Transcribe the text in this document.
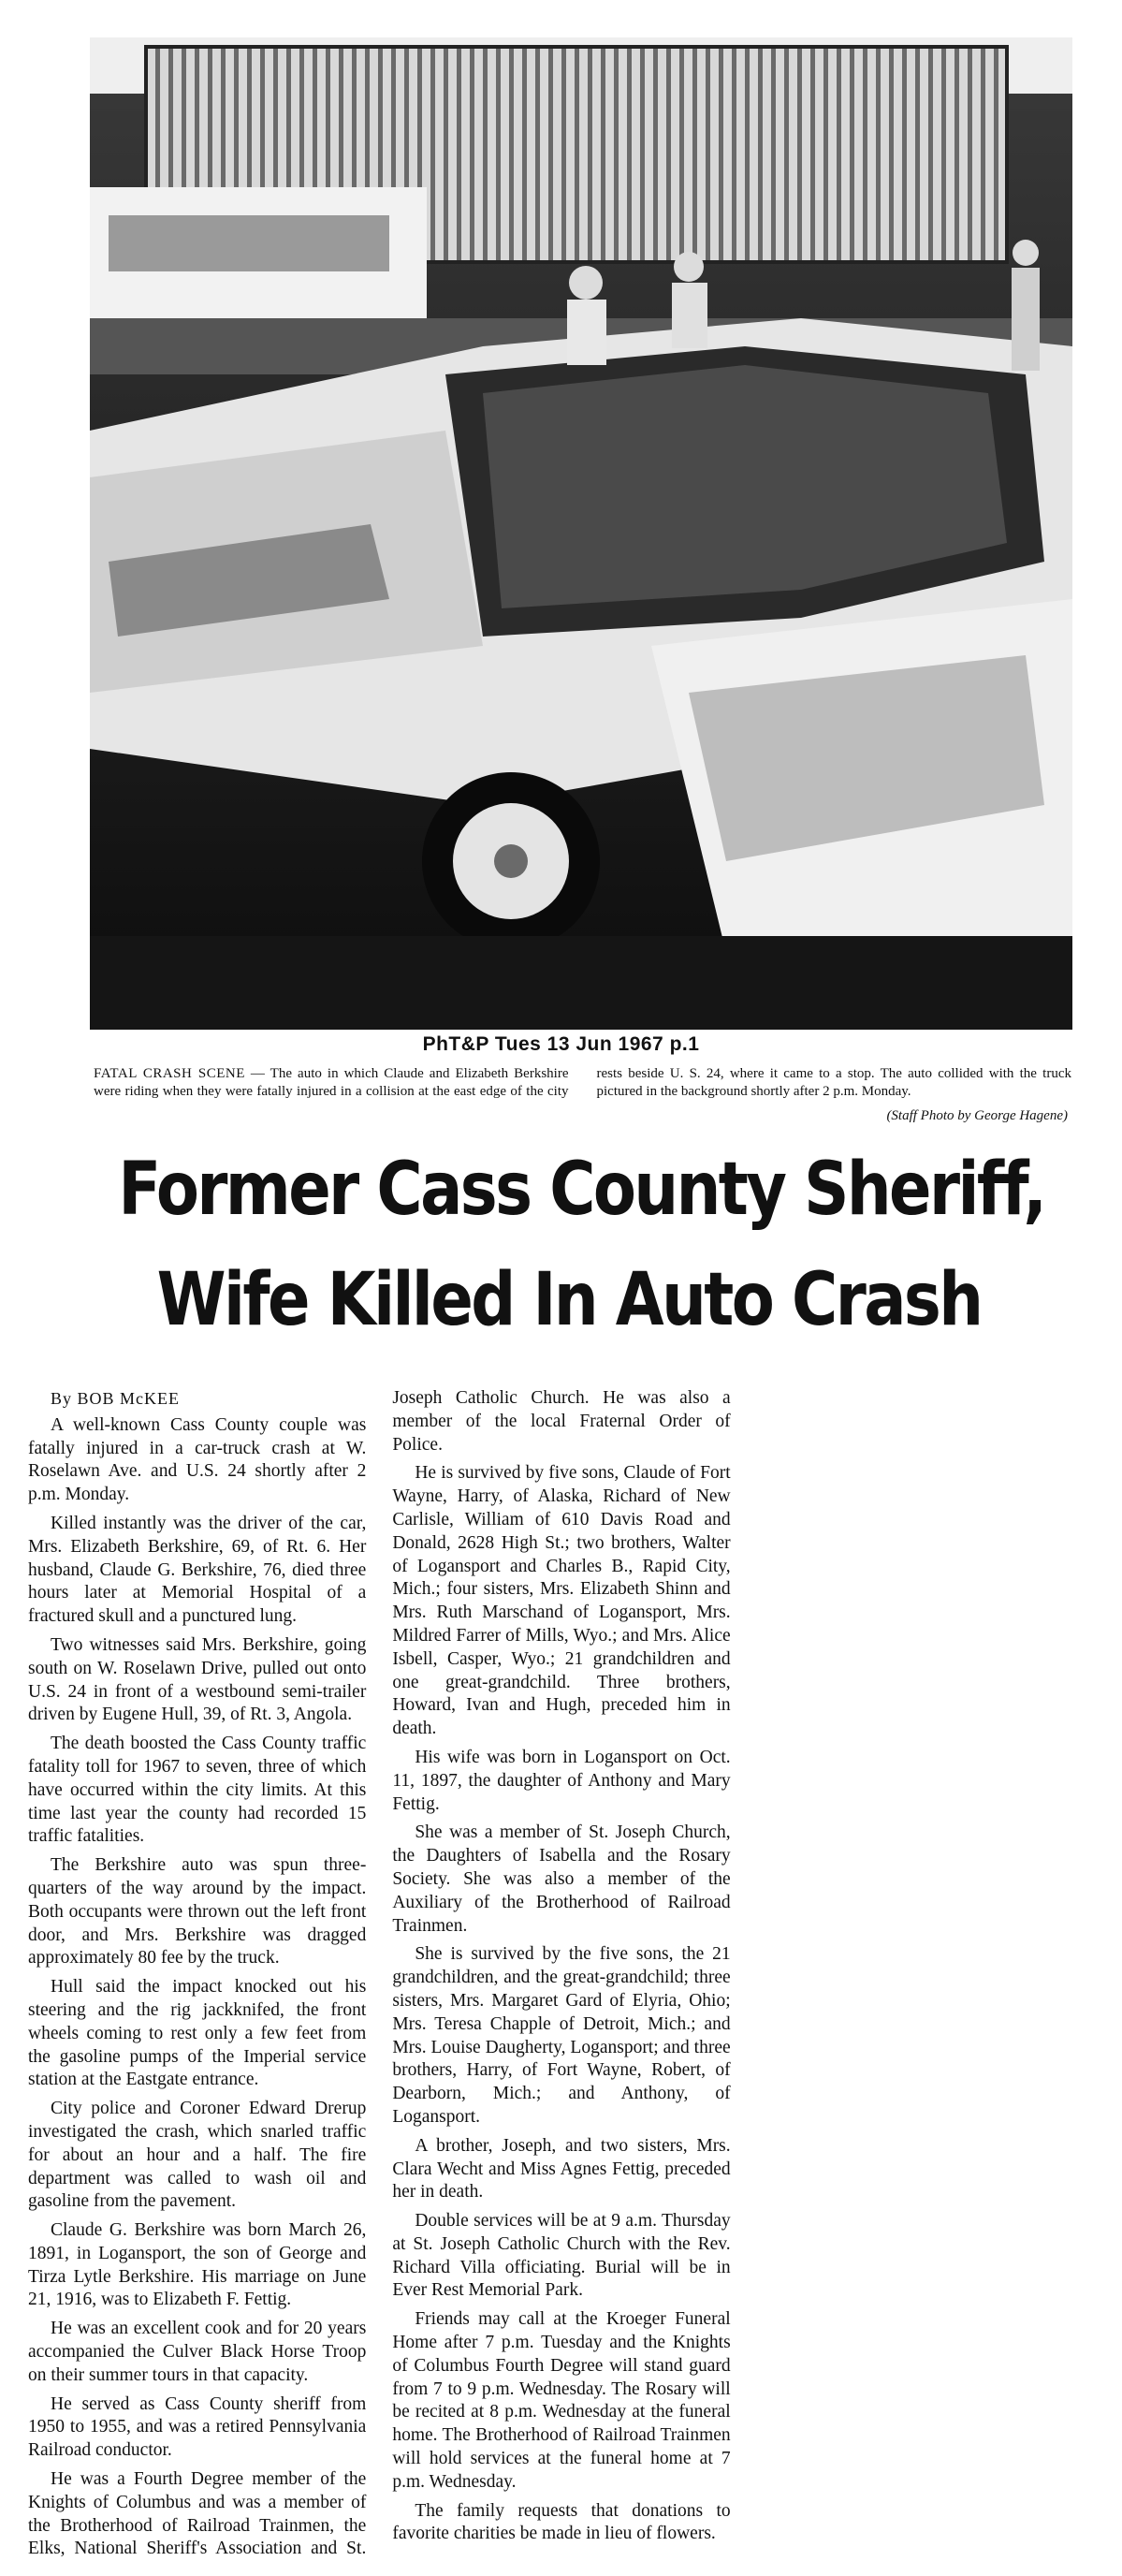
PhT&P Tues 13 Jun 1967 p.1
FATAL CRASH SCENE — The auto in which Claude and Elizabeth Berkshire were riding when they were fatally injured in a collision at the east edge of the city rests beside U. S. 24, where it came to a stop. The auto collided with the truck pictured in the background shortly after 2 p.m. Monday.
(Staff Photo by George Hagene)
Former Cass County Sheriff,
Wife Killed In Auto Crash
By BOB McKEE

A well-known Cass County couple was fatally injured in a car-truck crash at W. Roselawn Ave. and U.S. 24 shortly after 2 p.m. Monday.

Killed instantly was the driver of the car, Mrs. Elizabeth Berkshire, 69, of Rt. 6. Her husband, Claude G. Berkshire, 76, died three hours later at Memorial Hospital of a fractured skull and a punctured lung.

Two witnesses said Mrs. Berkshire, going south on W. Roselawn Drive, pulled out onto U.S. 24 in front of a westbound semi-trailer driven by Eugene Hull, 39, of Rt. 3, Angola.

The death boosted the Cass County traffic fatality toll for 1967 to seven, three of which have occurred within the city limits. At this time last year the county had recorded 15 traffic fatalities.

The Berkshire auto was spun three-quarters of the way around by the impact. Both occupants were thrown out the left front door, and Mrs. Berkshire was dragged approximately 80 fee by the truck.

Hull said the impact knocked out his steering and the rig jackknifed, the front wheels coming to rest only a few feet from the gasoline pumps of the Imperial service station at the Eastgate entrance.

City police and Coroner Edward Drerup investigated the crash, which snarled traffic for about an hour and a half. The fire department was called to wash oil and gasoline from the pavement.

Claude G. Berkshire was born March 26, 1891, in Logansport, the son of George and Tirza Lytle Berkshire. His marriage on June 21, 1916, was to Elizabeth F. Fettig.

He was an excellent cook and for 20 years accompanied the Culver Black Horse Troop on their summer tours in that capacity.

He served as Cass County sheriff from 1950 to 1955, and was a retired Pennsylvania Railroad conductor.

He was a Fourth Degree member of the Knights of Columbus and was a member of the Brotherhood of Railroad Trainmen, the Elks, National Sheriff's Association and St. Joseph Catholic Church. He was also a member of the local Fraternal Order of Police.

He is survived by five sons, Claude of Fort Wayne, Harry, of Alaska, Richard of New Carlisle, William of 610 Davis Road and Donald, 2628 High St.; two brothers, Walter of Logansport and Charles B., Rapid City, Mich.; four sisters, Mrs. Elizabeth Shinn and Mrs. Ruth Marschand of Logansport, Mrs. Mildred Farrer of Mills, Wyo.; and Mrs. Alice Isbell, Casper, Wyo.; 21 grandchildren and one great-grandchild. Three brothers, Howard, Ivan and Hugh, preceded him in death.

His wife was born in Logansport on Oct. 11, 1897, the daughter of Anthony and Mary Fettig.

She was a member of St. Joseph Church, the Daughters of Isabella and the Rosary Society. She was also a member of the Auxiliary of the Brotherhood of Railroad Trainmen.

She is survived by the five sons, the 21 grandchildren, and the great-grandchild; three sisters, Mrs. Margaret Gard of Elyria, Ohio; Mrs. Teresa Chapple of Detroit, Mich.; and Mrs. Louise Daugherty, Logansport; and three brothers, Harry, of Fort Wayne, Robert, of Dearborn, Mich.; and Anthony, of Logansport.

A brother, Joseph, and two sisters, Mrs. Clara Wecht and Miss Agnes Fettig, preceded her in death.

Double services will be at 9 a.m. Thursday at St. Joseph Catholic Church with the Rev. Richard Villa officiating. Burial will be in Ever Rest Memorial Park.

Friends may call at the Kroeger Funeral Home after 7 p.m. Tuesday and the Knights of Columbus Fourth Degree will stand guard from 7 to 9 p.m. Wednesday. The Rosary will be recited at 8 p.m. Wednesday at the funeral home. The Brotherhood of Railroad Trainmen will hold services at the funeral home at 7 p.m. Wednesday.

The family requests that donations to favorite charities be made in lieu of flowers.
